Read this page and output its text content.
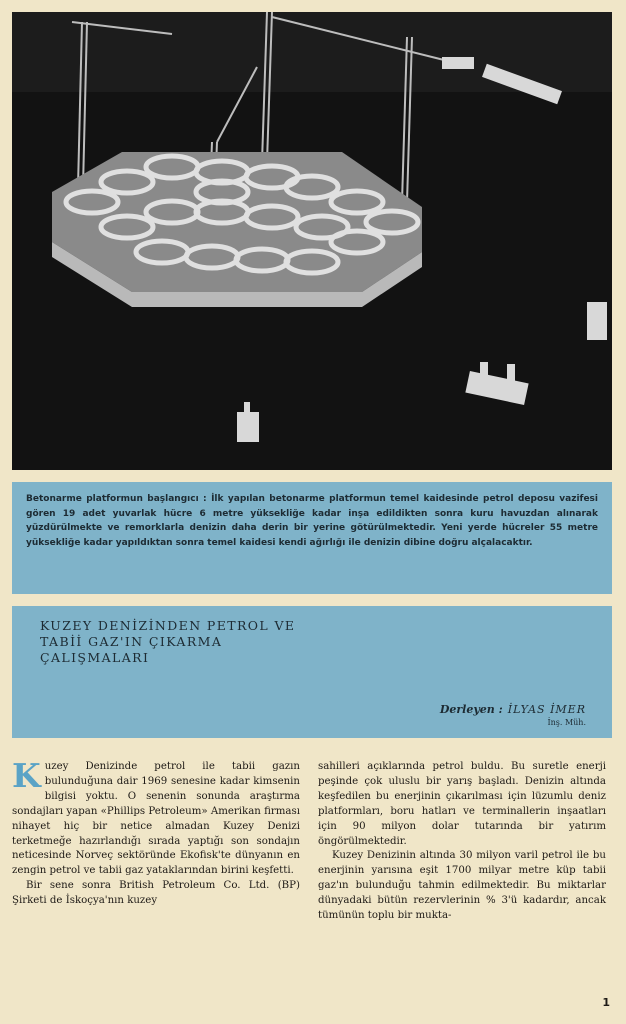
Betonarme platformun başlangıcı : İlk yapılan betonarme platformun temel kaidesinde petrol deposu vazifesi gören 19 adet yuvarlak hücre 6 metre yüksekliğe kadar inşa edildikten sonra kuru havuzdan alınarak yüzdürülmekte ve remorklarla denizin daha derin bir yerine götürülmektedir. Yeni yerde hücreler 55 metre yüksekliğe kadar yapıldıktan sonra temel kaidesi kendi ağırlığı ile denizin dibine doğru alçalacaktır.
KUZEY DENİZİNDEN PETROL VE
TABİİ GAZ'IN ÇIKARMA
ÇALIŞMALARI
Derleyen : İLYAS İMER
İnş. Müh.

Kuzey Denizinde petrol ile tabii gazın bulunduğuna dair 1969 senesine kadar kimsenin bilgisi yoktu. O senenin sonunda araştırma sondajları yapan «Phillips Petroleum» Amerikan firması nihayet hiç bir netice almadan Kuzey Denizi terketmeğe hazırlandığı sırada yaptığı son sondajın neticesinde Norveç sektöründe Ekofisk'te dünyanın en zengin petrol ve tabii gaz yataklarından birini keşfetti.

Bir sene sonra British Petroleum Co. Ltd. (BP) Şirketi de İskoçya'nın kuzey

sahilleri açıklarında petrol buldu. Bu suretle enerji peşinde çok uluslu bir yarış başladı. Denizin altında keşfedilen bu enerjinin çıkarılması için lüzumlu deniz platformları, boru hatları ve terminallerin inşaatları için 90 milyon dolar tutarında bir yatırım öngörülmektedir.

Kuzey Denizinin altında 30 milyon varil petrol ile bu enerjinin yarısına eşit 1700 milyar metre küp tabii gaz'ın bulunduğu tahmin edilmektedir. Bu miktarlar dünyadaki bütün rezervlerinin % 3'ü kadardır, ancak tümünün toplu bir mukta-

1
